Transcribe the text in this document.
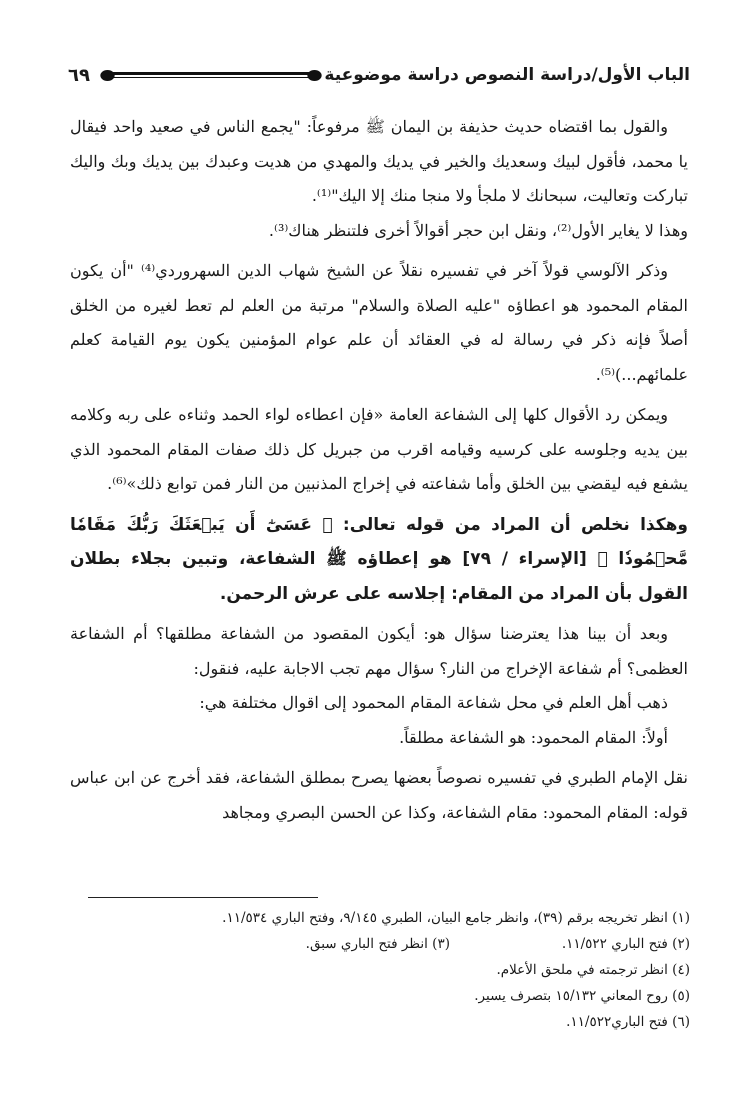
الباب الأول/دراسة النصوص دراسة موضوعية
٦٩

والقول بما اقتضاه حديث حذيفة بن اليمان ﷺ مرفوعاً: "يجمع الناس في صعيد واحد فيقال يا محمد، فأقول لبيك وسعديك والخير في يديك والمهدي من هديت وعبدك بين يديك وبك واليك تباركت وتعاليت، سبحانك لا ملجأ ولا منجا منك إلا اليك"⁽¹⁾.

وهذا لا يغاير الأول⁽²⁾، ونقل ابن حجر أقوالاً أخرى فلتنظر هناك⁽³⁾.

وذكر الآلوسي قولاً آخر في تفسيره نقلاً عن الشيخ شهاب الدين السهروردي⁽⁴⁾ "أن يكون المقام المحمود هو اعطاؤه "عليه الصلاة والسلام" مرتبة من العلم لم تعط لغيره من الخلق أصلاً فإنه ذكر في رسالة له في العقائد أن علم عوام المؤمنين يكون يوم القيامة كعلم علمائهم...)⁽⁵⁾.

ويمكن رد الأقوال كلها إلى الشفاعة العامة «فإن اعطاءه لواء الحمد وثناءه على ربه وكلامه بين يديه وجلوسه على كرسيه وقيامه اقرب من جبريل كل ذلك صفات المقام المحمود الذي يشفع فيه ليقضي بين الخلق وأما شفاعته في إخراج المذنبين من النار فمن توابع ذلك»⁽⁶⁾.

وهكذا نخلص أن المراد من قوله تعالى: ﴿ عَسَىٰٓ أَن يَبۡعَثَكَ رَبُّكَ مَقَامٗا مَّحۡمُودٗا ﴾ [الإسراء / ٧٩] هو إعطاؤه ﷺ الشفاعة، وتبين بجلاء بطلان القول بأن المراد من المقام: إجلاسه على عرش الرحمن.

وبعد أن بينا هذا يعترضنا سؤال هو: أيكون المقصود من الشفاعة مطلقها؟ أم الشفاعة العظمى؟ أم شفاعة الإخراج من النار؟ سؤال مهم تجب الاجابة عليه، فنقول:

ذهب أهل العلم في محل شفاعة المقام المحمود إلى اقوال مختلفة هي:

أولاً: المقام المحمود: هو الشفاعة مطلقاً.

نقل الإمام الطبري في تفسيره نصوصاً بعضها يصرح بمطلق الشفاعة، فقد أخرج عن ابن عباس قوله: المقام المحمود: مقام الشفاعة، وكذا عن الحسن البصري ومجاهد

(١) انظر تخريجه برقم (٣٩)، وانظر جامع البيان، الطبري ٩/١٤٥، وفتح الباري ١١/٥٣٤.

(٢) فتح الباري ١١/٥٢٢.

(٣) انظر فتح الباري سبق.

(٤) انظر ترجمته في ملحق الأعلام.

(٥) روح المعاني ١٥/١٣٢ بتصرف يسير.

(٦) فتح الباري١١/٥٢٢.
